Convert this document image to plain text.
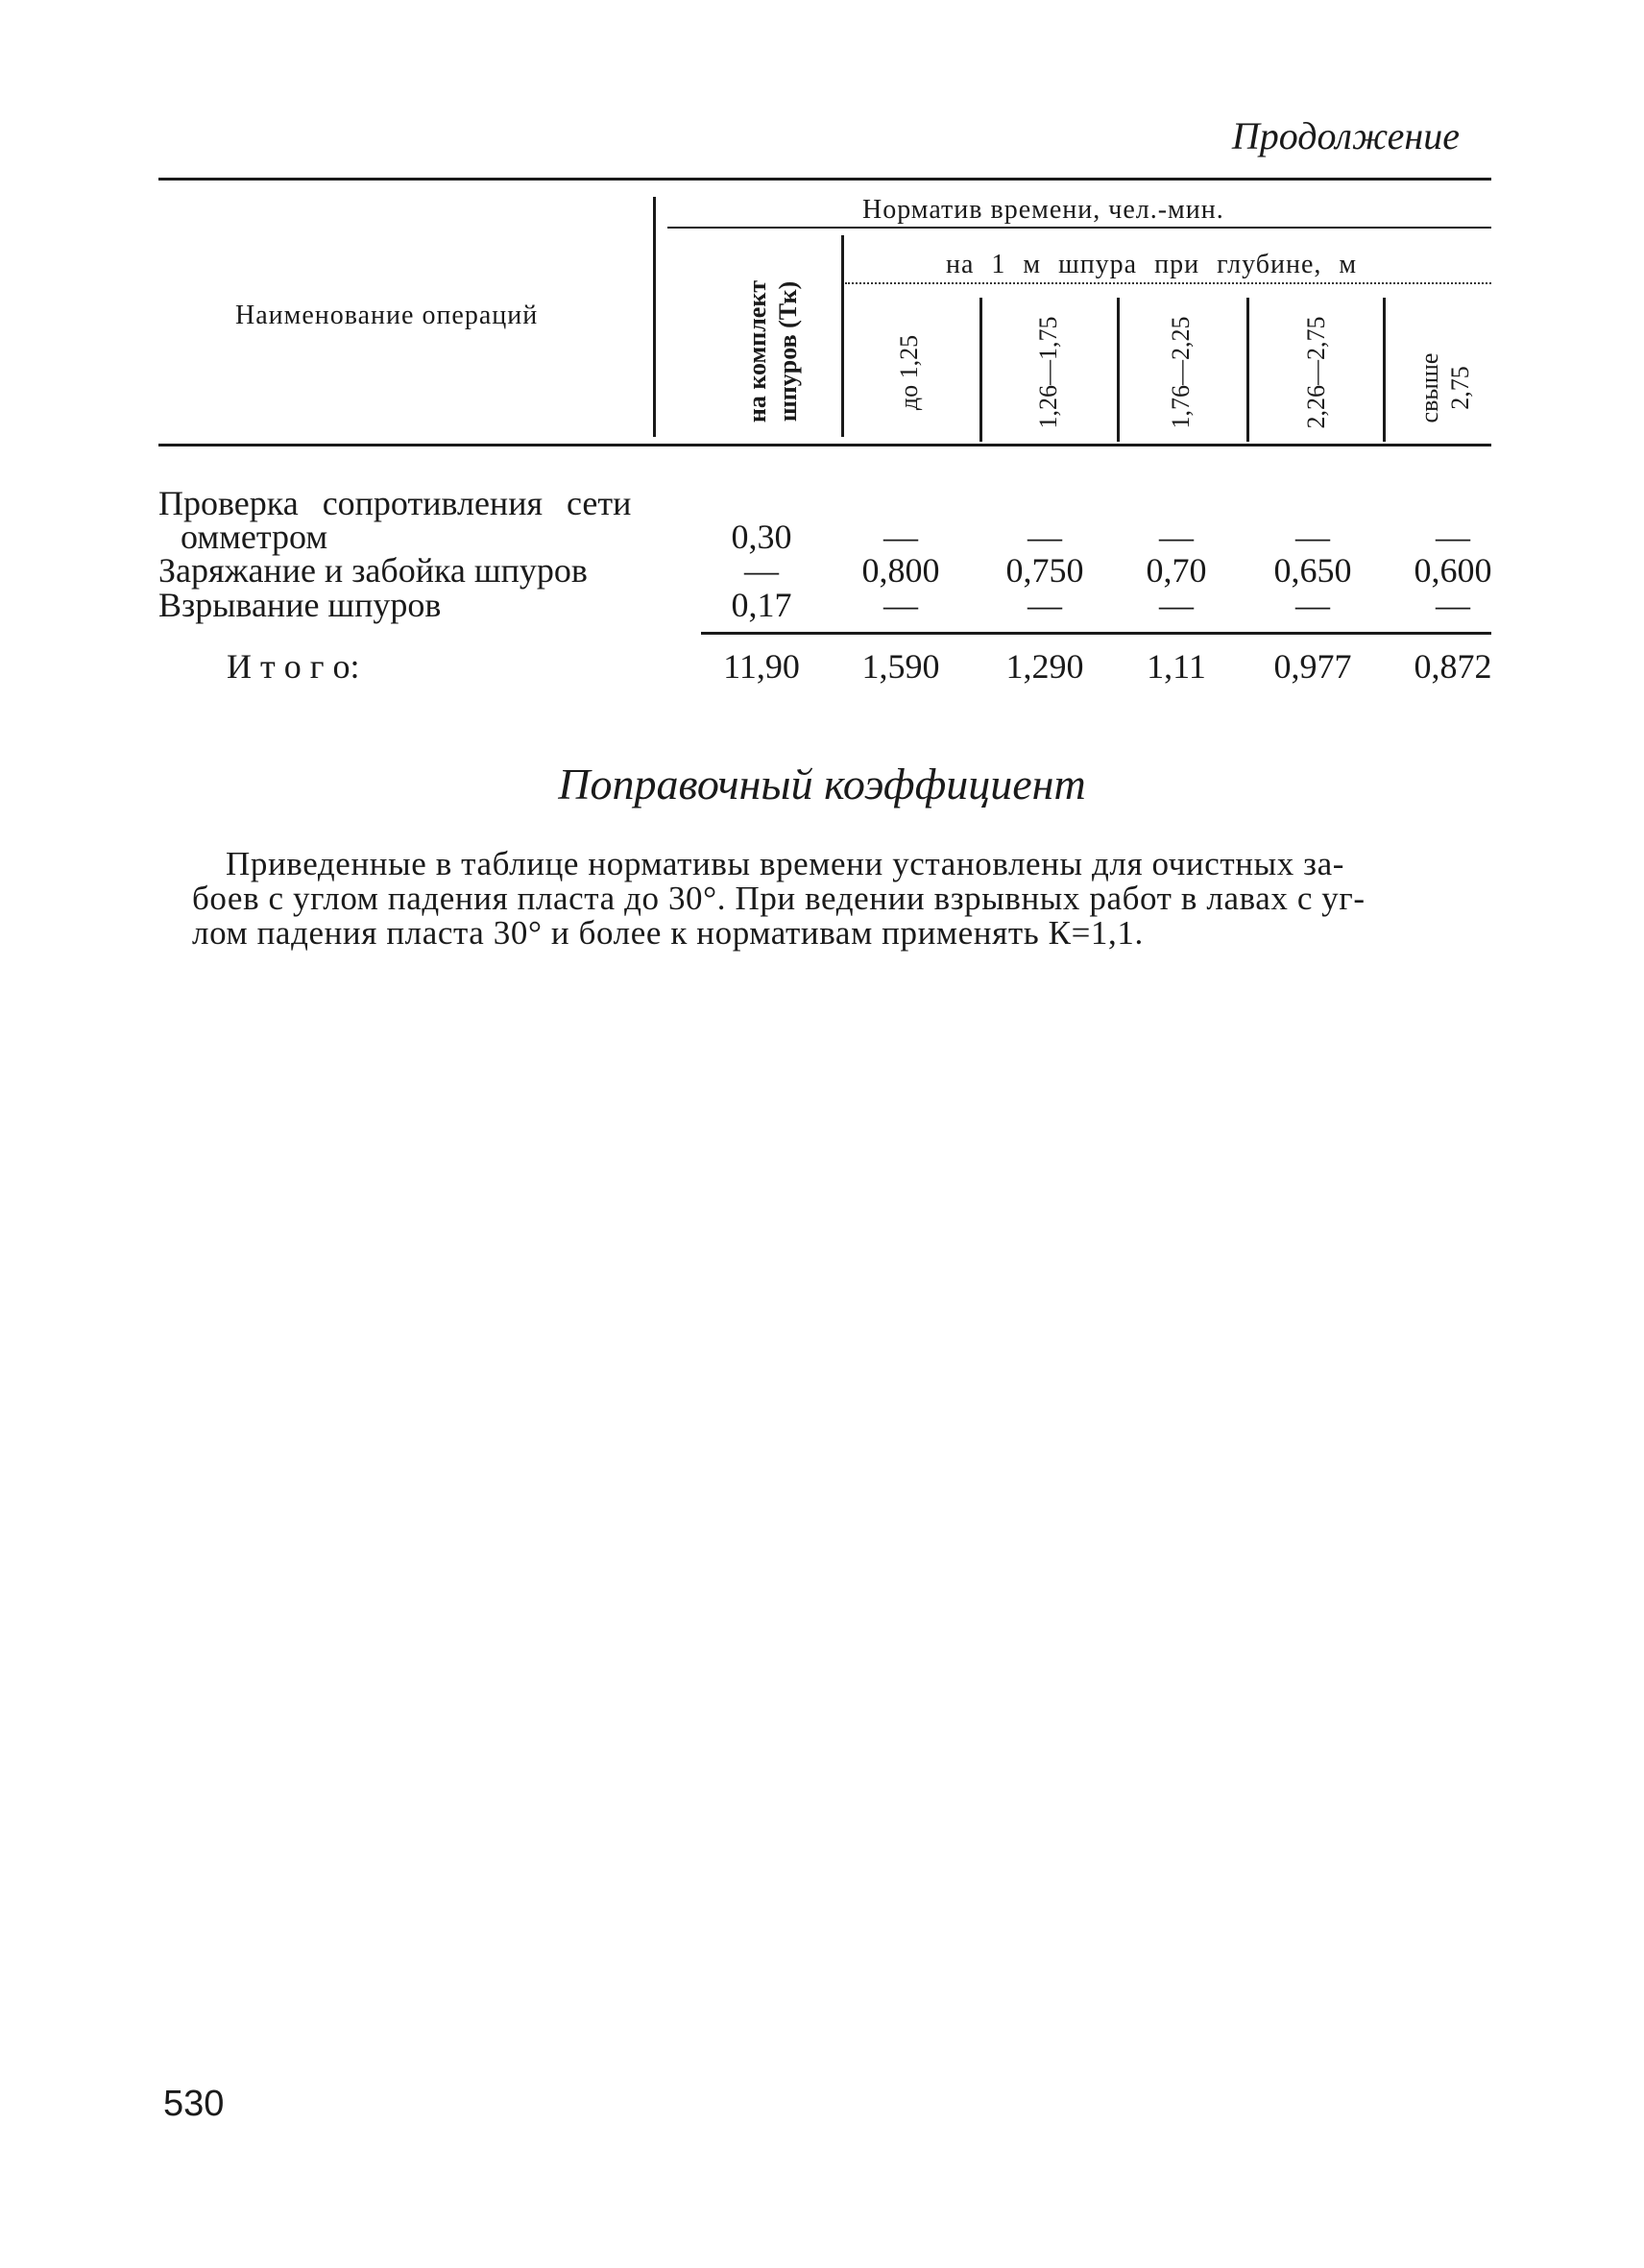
Продолжение
Наименование операций
Норматив времени, чел.-мин.
на 1 м шпура при глубине, м
на комплект шпуров (Тк)	до 1,25	1,26—1,75	1,76—2,25	2,26—2,75	свыше 2,75
Проверка сопротивления сети
омметром	0,30	—	—	—	—	—
Заряжание и забойка шпуров	—	0,800	0,750	0,70	0,650	0,600
Взрывание шпуров	0,17	—	—	—	—	—
И т о г о:	11,90	1,590	1,290	1,11	0,977	0,872
Поправочный коэффициент
Приведенные в таблице нормативы времени установлены для очистных за-
боев с углом падения пласта до 30°. При ведении взрывных работ в лавах с уг-
лом падения пласта 30° и более к нормативам применять К=1,1.
530
